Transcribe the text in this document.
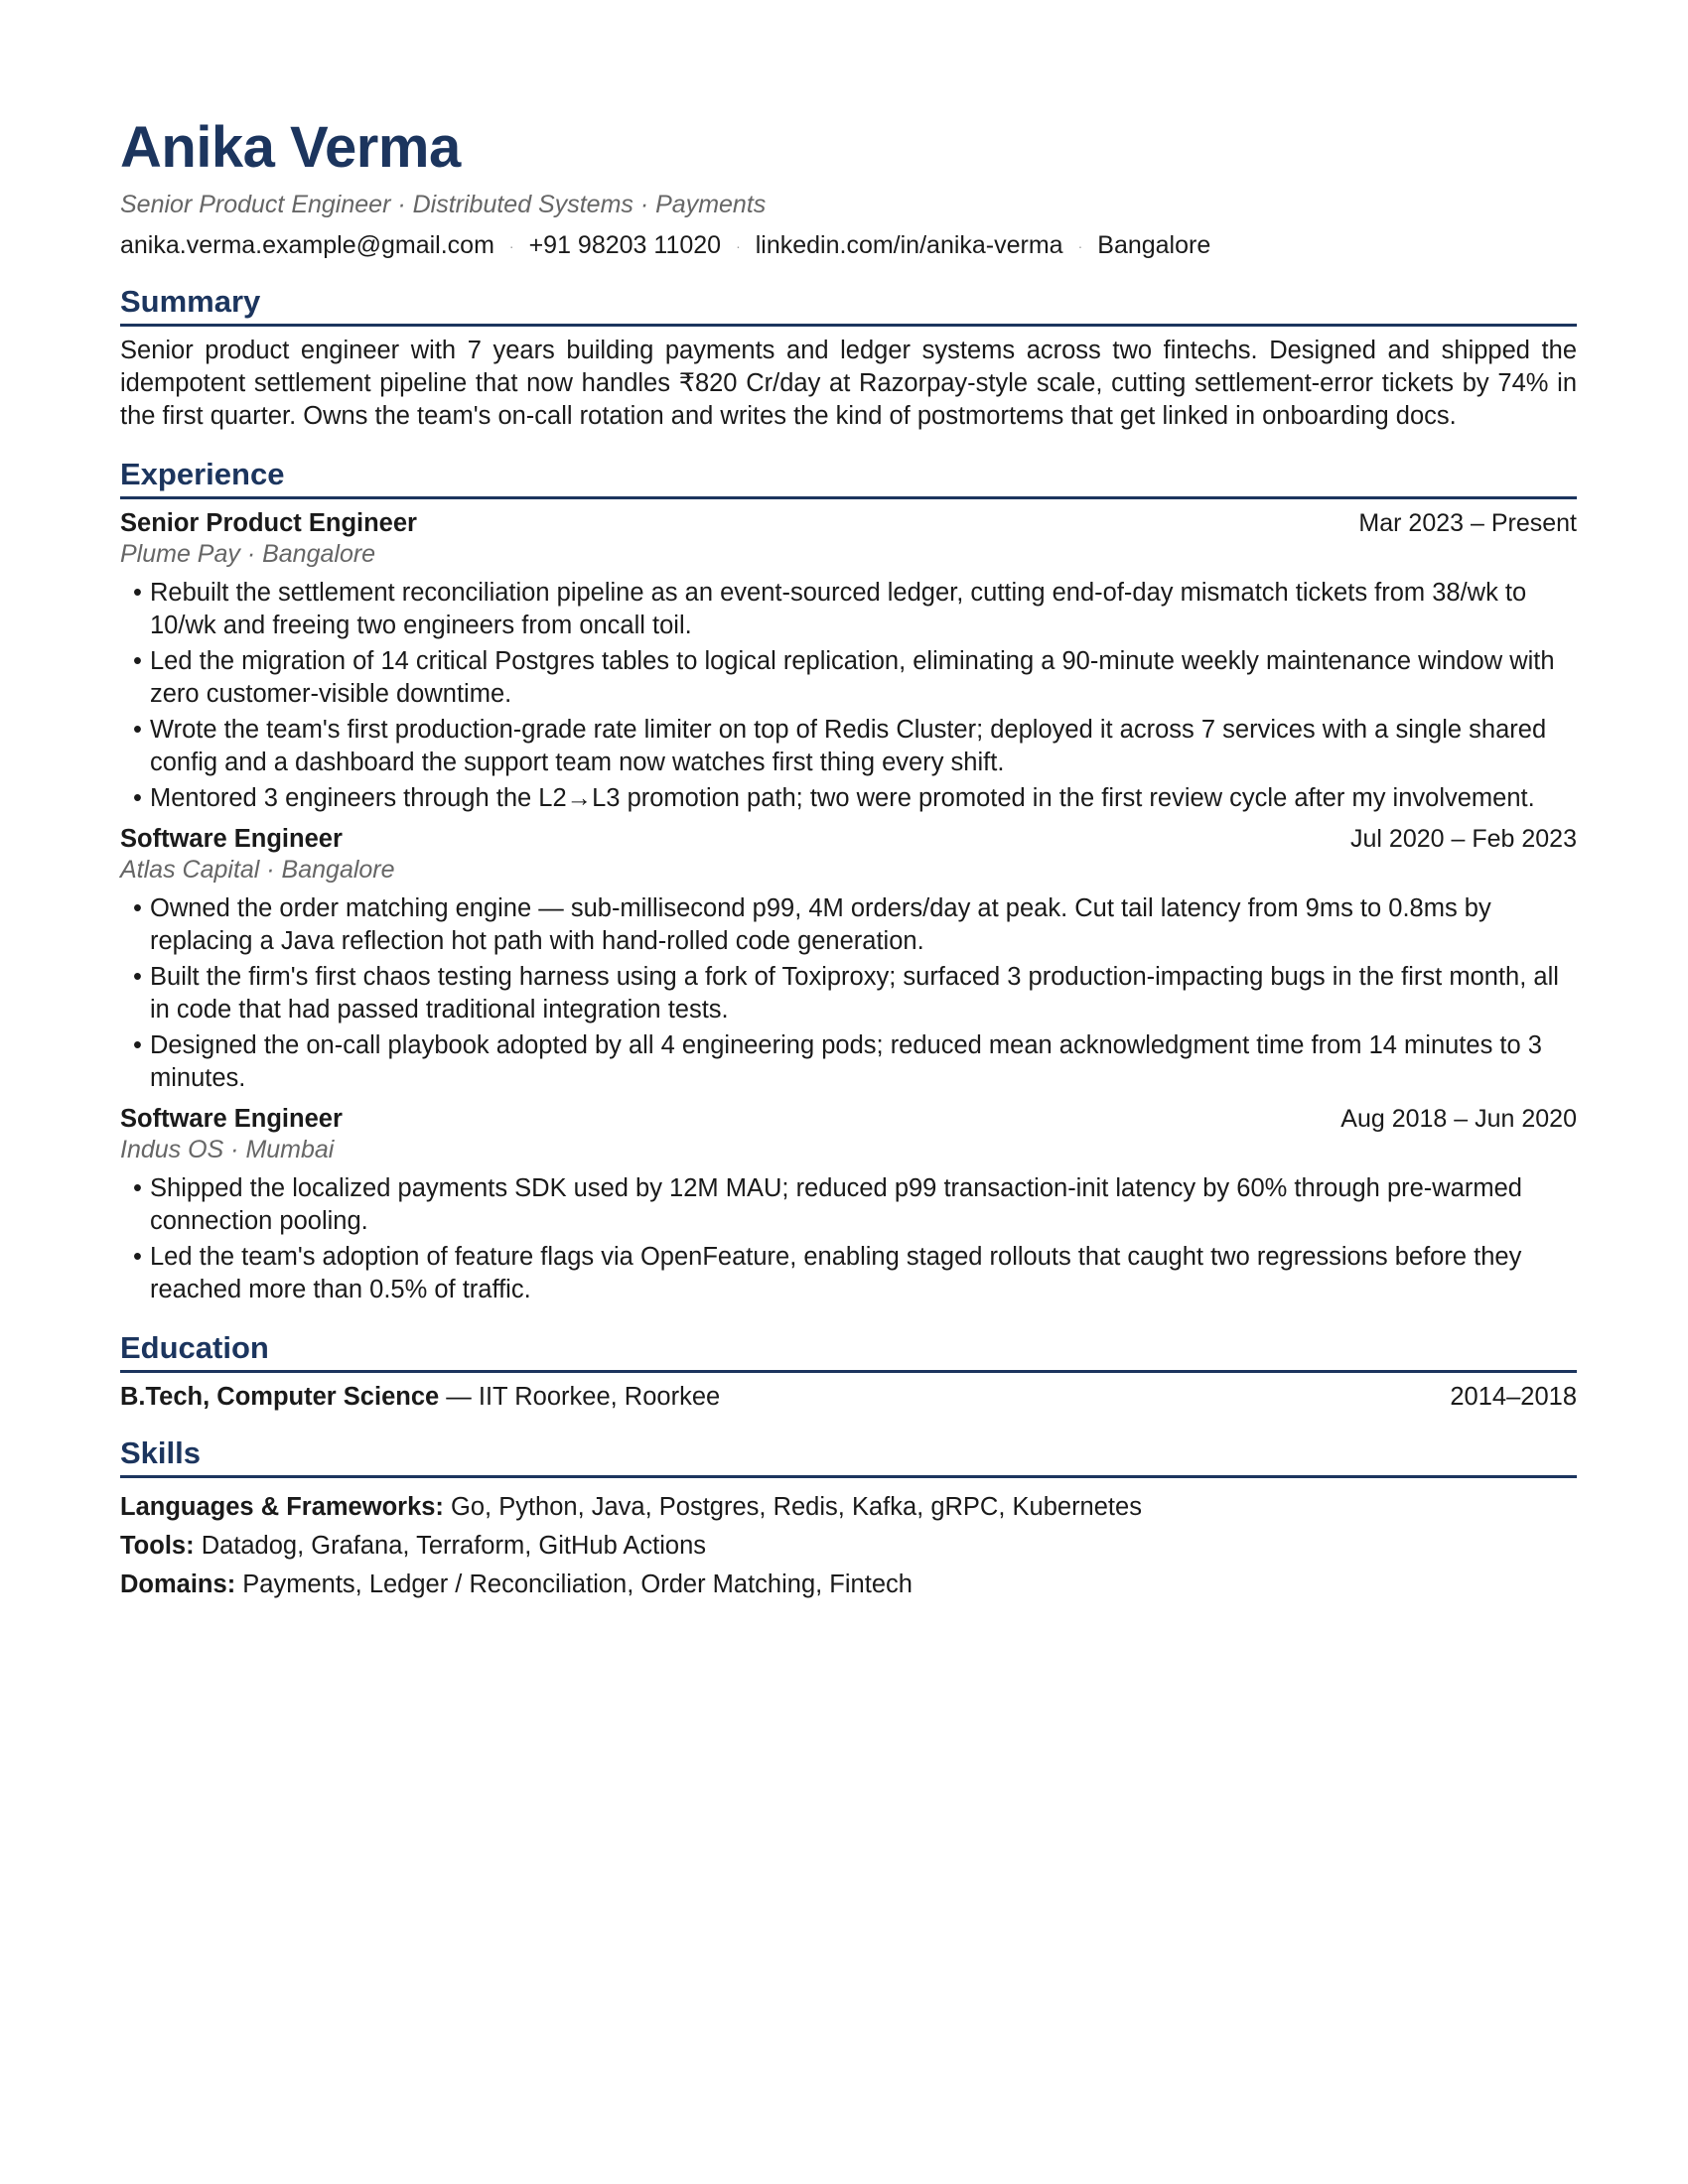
Anika Verma
Senior Product Engineer · Distributed Systems · Payments
anika.verma.example@gmail.com · +91 98203 11020 · linkedin.com/in/anika-verma · Bangalore
Summary
Senior product engineer with 7 years building payments and ledger systems across two fintechs. Designed and shipped the idempotent settlement pipeline that now handles ₹820 Cr/day at Razorpay-style scale, cutting settlement-error tickets by 74% in the first quarter. Owns the team's on-call rotation and writes the kind of postmortems that get linked in onboarding docs.
Experience
Senior Product Engineer	Mar 2023 – Present
Plume Pay · Bangalore
• Rebuilt the settlement reconciliation pipeline as an event-sourced ledger, cutting end-of-day mismatch tickets from 38/wk to 10/wk and freeing two engineers from oncall toil.
• Led the migration of 14 critical Postgres tables to logical replication, eliminating a 90-minute weekly maintenance window with zero customer-visible downtime.
• Wrote the team's first production-grade rate limiter on top of Redis Cluster; deployed it across 7 services with a single shared config and a dashboard the support team now watches first thing every shift.
• Mentored 3 engineers through the L2→L3 promotion path; two were promoted in the first review cycle after my involvement.
Software Engineer	Jul 2020 – Feb 2023
Atlas Capital · Bangalore
• Owned the order matching engine — sub-millisecond p99, 4M orders/day at peak. Cut tail latency from 9ms to 0.8ms by replacing a Java reflection hot path with hand-rolled code generation.
• Built the firm's first chaos testing harness using a fork of Toxiproxy; surfaced 3 production-impacting bugs in the first month, all in code that had passed traditional integration tests.
• Designed the on-call playbook adopted by all 4 engineering pods; reduced mean acknowledgment time from 14 minutes to 3 minutes.
Software Engineer	Aug 2018 – Jun 2020
Indus OS · Mumbai
• Shipped the localized payments SDK used by 12M MAU; reduced p99 transaction-init latency by 60% through pre-warmed connection pooling.
• Led the team's adoption of feature flags via OpenFeature, enabling staged rollouts that caught two regressions before they reached more than 0.5% of traffic.
Education
B.Tech, Computer Science — IIT Roorkee, Roorkee	2014–2018
Skills
Languages & Frameworks: Go, Python, Java, Postgres, Redis, Kafka, gRPC, Kubernetes
Tools: Datadog, Grafana, Terraform, GitHub Actions
Domains: Payments, Ledger / Reconciliation, Order Matching, Fintech
